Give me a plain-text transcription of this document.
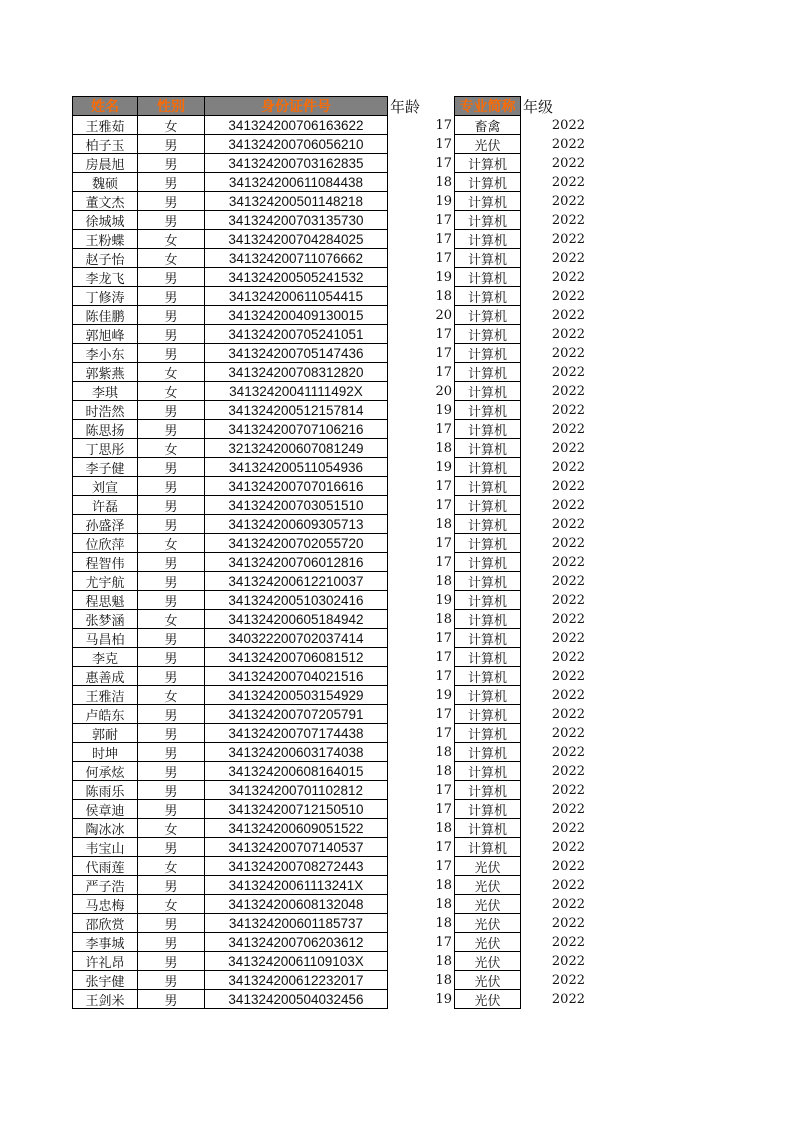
姓名	性别	身份证件号	年龄	专业简称 年级
王雅茹	女	341324200706163622	17	畜禽	2022
柏子玉	男	341324200706056210	17	光伏	2022
房晨旭	男	341324200703162835	17	计算机	2022
魏硕	男	341324200611084438	18	计算机	2022
董文杰	男	341324200501148218	19	计算机	2022
徐城城	男	341324200703135730	17	计算机	2022
王粉蝶	女	341324200704284025	17	计算机	2022
赵子怡	女	341324200711076662	17	计算机	2022
李龙飞	男	341324200505241532	19	计算机	2022
丁修涛	男	341324200611054415	18	计算机	2022
陈佳鹏	男	341324200409130015	20	计算机	2022
郭旭峰	男	341324200705241051	17	计算机	2022
李小东	男	341324200705147436	17	计算机	2022
郭紫燕	女	341324200708312820	17	计算机	2022
李琪	女	34132420041111492X	20	计算机	2022
时浩然	男	341324200512157814	19	计算机	2022
陈思扬	男	341324200707106216	17	计算机	2022
丁思彤	女	321324200607081249	18	计算机	2022
李子健	男	341324200511054936	19	计算机	2022
刘宣	男	341324200707016616	17	计算机	2022
许磊	男	341324200703051510	17	计算机	2022
孙盛泽	男	341324200609305713	18	计算机	2022
位欣萍	女	341324200702055720	17	计算机	2022
程智伟	男	341324200706012816	17	计算机	2022
尤宇航	男	341324200612210037	18	计算机	2022
程思魁	男	341324200510302416	19	计算机	2022
张梦涵	女	341324200605184942	18	计算机	2022
马昌柏	男	340322200702037414	17	计算机	2022
李克	男	341324200706081512	17	计算机	2022
惠善成	男	341324200704021516	17	计算机	2022
王雅洁	女	341324200503154929	19	计算机	2022
卢皓东	男	341324200707205791	17	计算机	2022
郭耐	男	341324200707174438	17	计算机	2022
时坤	男	341324200603174038	18	计算机	2022
何承炫	男	341324200608164015	18	计算机	2022
陈雨乐	男	341324200701102812	17	计算机	2022
侯章迪	男	341324200712150510	17	计算机	2022
陶冰冰	女	341324200609051522	18	计算机	2022
韦宝山	男	341324200707140537	17	计算机	2022
代雨莲	女	341324200708272443	17	光伏	2022
严子浩	男	34132420061113241X	18	光伏	2022
马忠梅	女	341324200608132048	18	光伏	2022
邵欣赏	男	341324200601185737	18	光伏	2022
李事城	男	341324200706203612	17	光伏	2022
许礼昂	男	34132420061109103X	18	光伏	2022
张宇健	男	341324200612232017	18	光伏	2022
王剑米	男	341324200504032456	19	光伏	2022
